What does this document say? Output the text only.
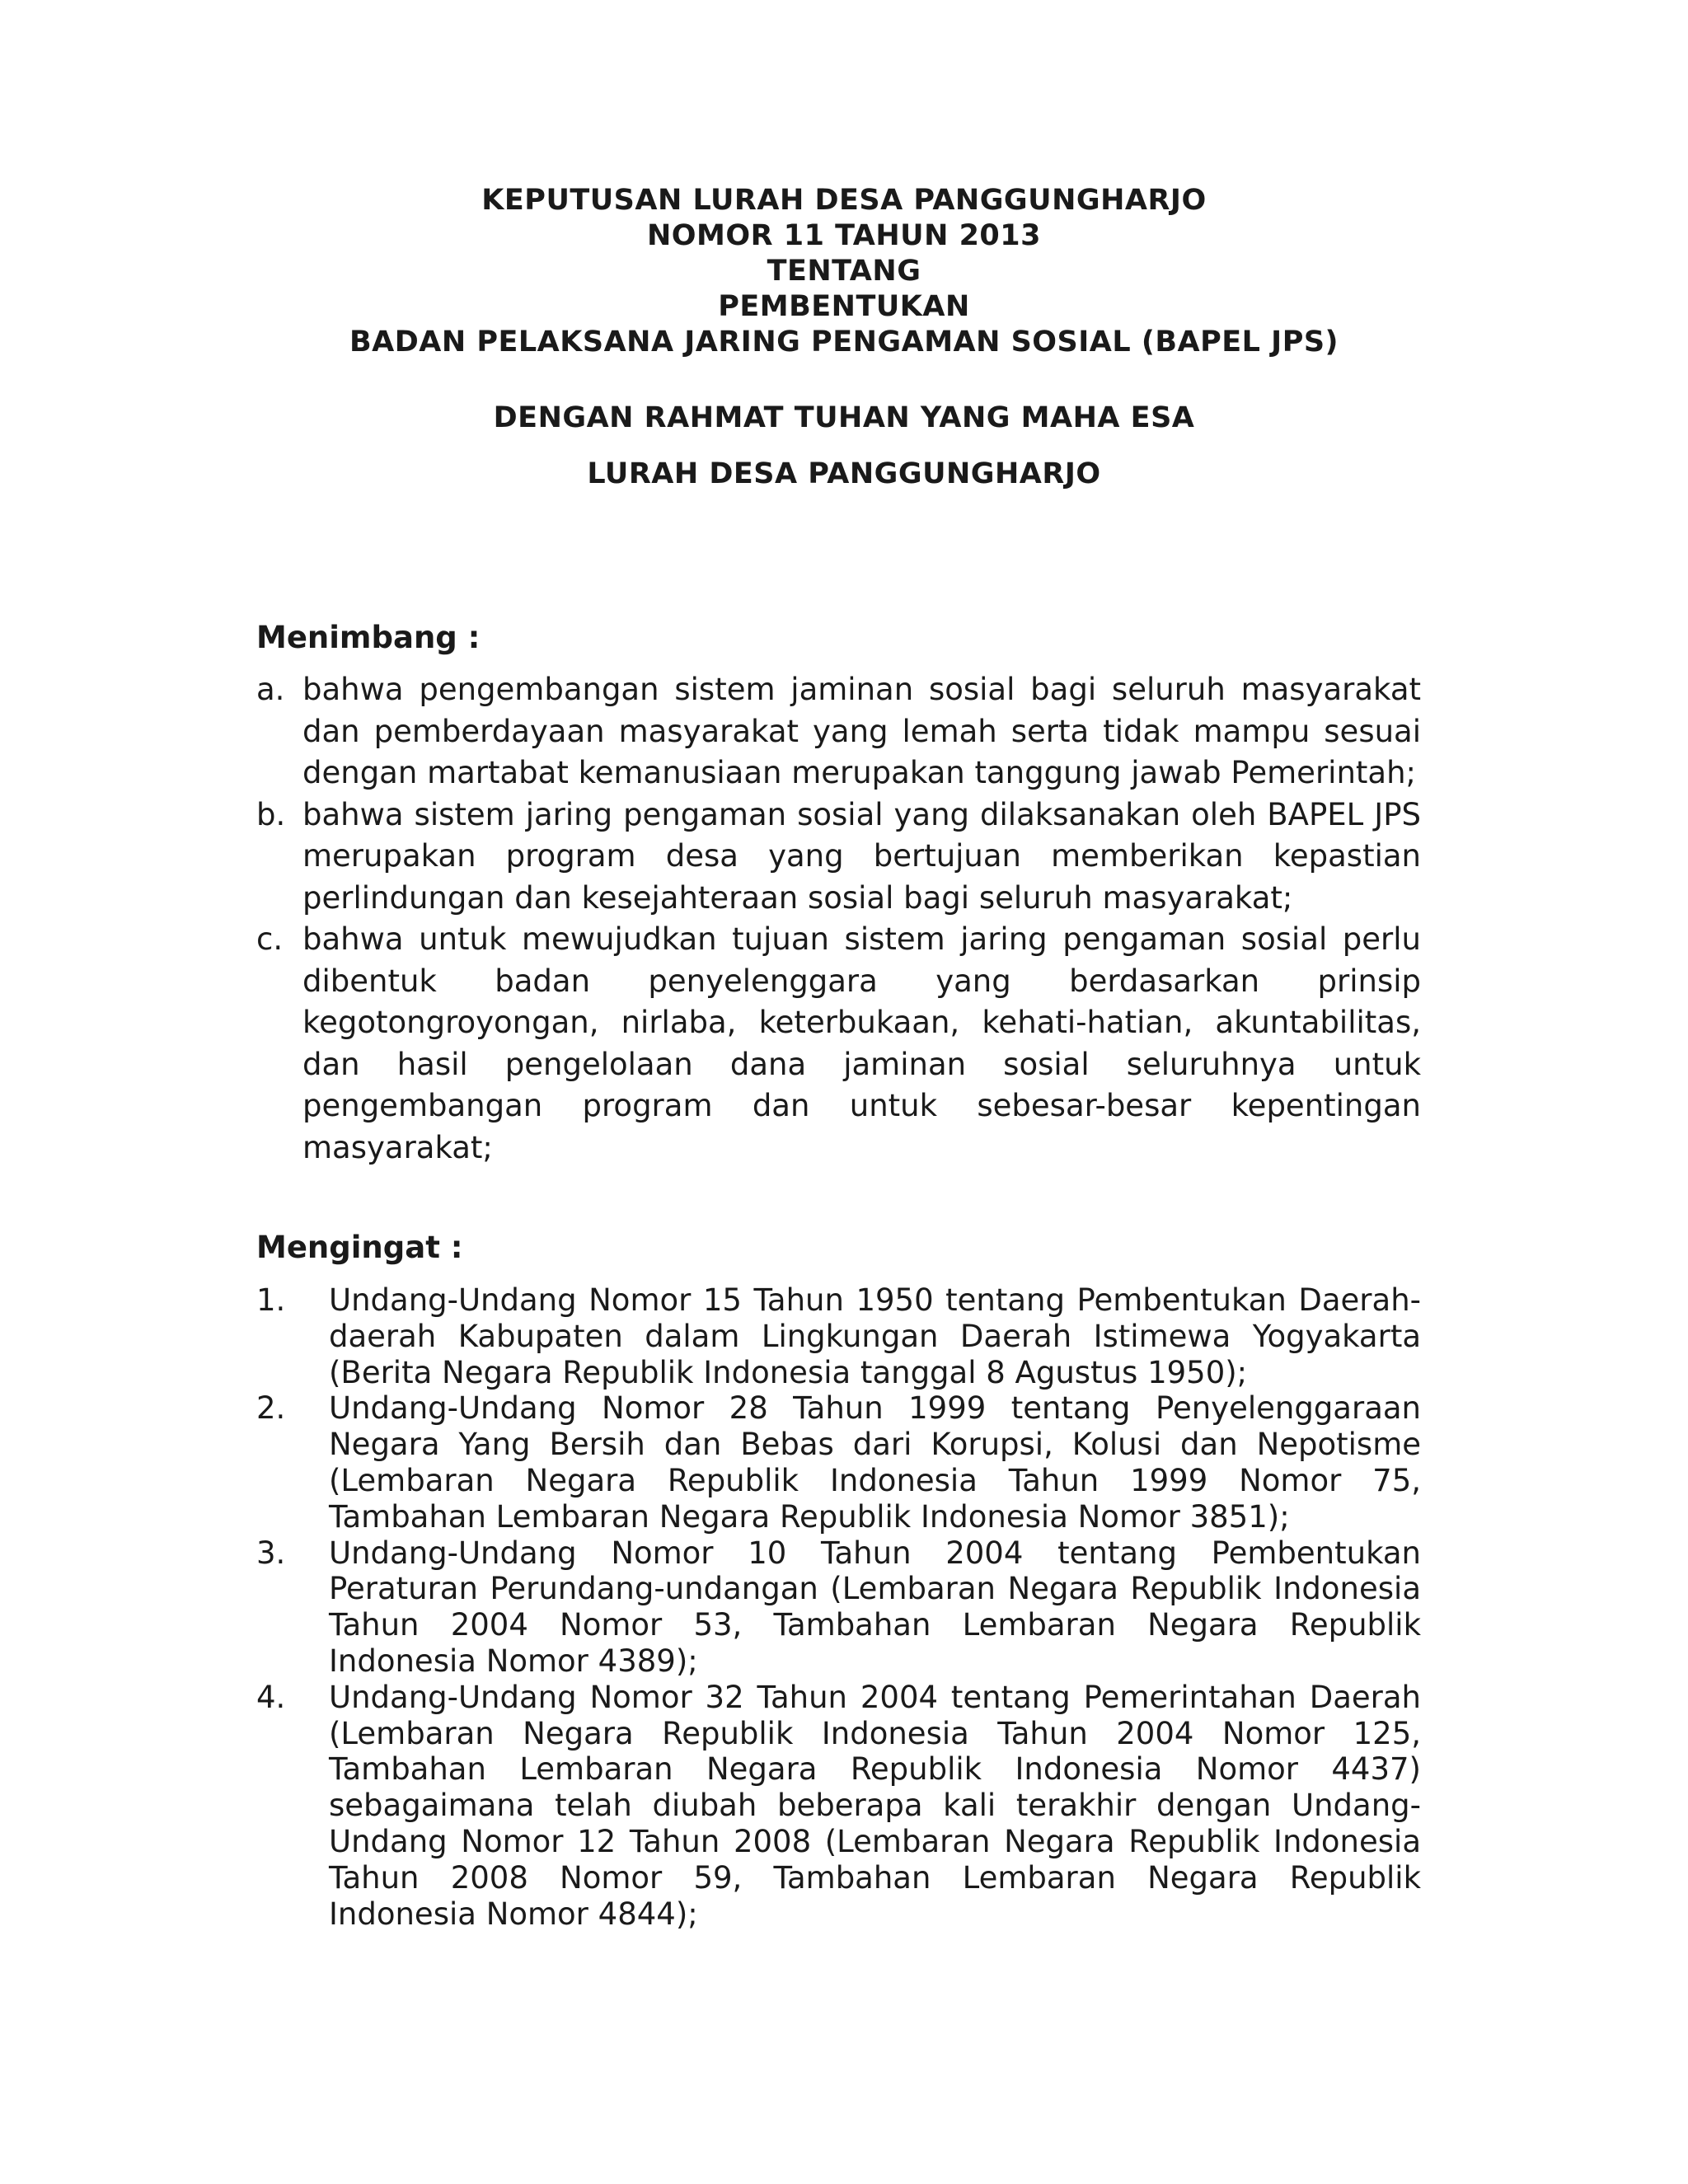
KEPUTUSAN LURAH DESA PANGGUNGHARJO
NOMOR 11 TAHUN 2013
TENTANG
PEMBENTUKAN
BADAN PELAKSANA JARING PENGAMAN SOSIAL (BAPEL JPS)
DENGAN RAHMAT TUHAN YANG MAHA ESA
LURAH DESA PANGGUNGHARJO
Menimbang :
a. bahwa pengembangan sistem jaminan sosial bagi seluruh masyarakat dan pemberdayaan masyarakat yang lemah serta tidak mampu sesuai dengan martabat kemanusiaan merupakan tanggung jawab Pemerintah;
b. bahwa sistem jaring pengaman sosial yang dilaksanakan oleh BAPEL JPS merupakan program desa yang bertujuan memberikan kepastian perlindungan dan kesejahteraan sosial bagi seluruh masyarakat;
c. bahwa untuk mewujudkan tujuan sistem jaring pengaman sosial perlu dibentuk badan penyelenggara yang berdasarkan prinsip kegotongroyongan, nirlaba, keterbukaan, kehati-hatian, akuntabilitas, dan hasil pengelolaan dana jaminan sosial seluruhnya untuk pengembangan program dan untuk sebesar-besar kepentingan masyarakat;
Mengingat :
1. Undang-Undang Nomor 15 Tahun 1950 tentang Pembentukan Daerah-daerah Kabupaten dalam Lingkungan Daerah Istimewa Yogyakarta (Berita Negara Republik Indonesia tanggal 8 Agustus 1950);
2. Undang-Undang Nomor 28 Tahun 1999 tentang Penyelenggaraan Negara Yang Bersih dan Bebas dari Korupsi, Kolusi dan Nepotisme (Lembaran Negara Republik Indonesia Tahun 1999 Nomor 75, Tambahan Lembaran Negara Republik Indonesia Nomor 3851);
3. Undang-Undang Nomor 10 Tahun 2004 tentang Pembentukan Peraturan Perundang-undangan (Lembaran Negara Republik Indonesia Tahun 2004 Nomor 53, Tambahan Lembaran Negara Republik Indonesia Nomor 4389);
4. Undang-Undang Nomor 32 Tahun 2004 tentang Pemerintahan Daerah (Lembaran Negara Republik Indonesia Tahun 2004 Nomor 125, Tambahan Lembaran Negara Republik Indonesia Nomor 4437) sebagaimana telah diubah beberapa kali terakhir dengan Undang-Undang Nomor 12 Tahun 2008 (Lembaran Negara Republik Indonesia Tahun 2008 Nomor 59, Tambahan Lembaran Negara Republik Indonesia Nomor 4844);
